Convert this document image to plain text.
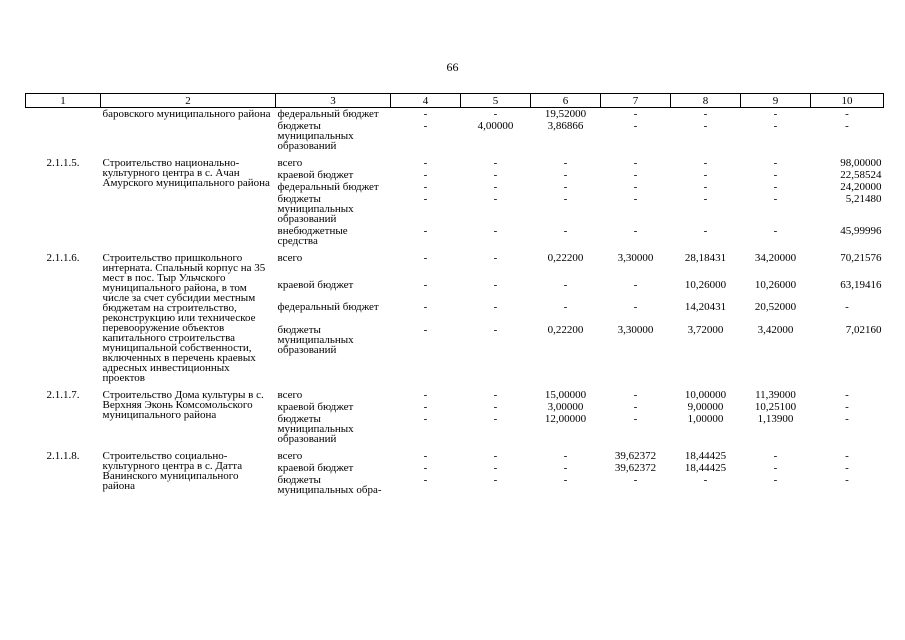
66
1	2	3	4	5	6	7	8	9	10
	баровского муниципального района	федеральный бюджет	-	-	19,52000	-	-	-	-
		бюджеты муниципальных образований	-	4,00000	3,86866	-	-	-	-
2.1.1.5.	Строительство национально-культурного центра в с. Ачан Амурского муниципального района	всего	-	-	-	-	-	-	98,00000
		краевой бюджет	-	-	-	-	-	-	22,58524
		федеральный бюджет	-	-	-	-	-	-	24,20000
		бюджеты муниципальных образований	-	-	-	-	-	-	5,21480
		внебюджетные средства	-	-	-	-	-	-	45,99996
2.1.1.6.	Строительство пришкольного интерната. Спальный корпус на 35 мест в пос. Тыр Ульчского муниципального района, в том числе за счет субсидии местным бюджетам на строительство, реконструкцию или техническое перевооружение объектов капитального строительства муниципальной собственности, включенных в перечень краевых адресных инвестиционных проектов	всего	-	-	0,22200	3,30000	28,18431	34,20000	70,21576
		краевой бюджет	-	-	-	-	10,26000	10,26000	63,19416
		федеральный бюджет	-	-	-	-	14,20431	20,52000	-
		бюджеты муниципальных образований	-	-	0,22200	3,30000	3,72000	3,42000	7,02160
2.1.1.7.	Строительство Дома культуры в с. Верхняя Эконь Комсомольского муниципального района	всего	-	-	15,00000	-	10,00000	11,39000	-
		краевой бюджет	-	-	3,00000	-	9,00000	10,25100	-
		бюджеты муниципальных образований	-	-	12,00000	-	1,00000	1,13900	-
2.1.1.8.	Строительство социально-культурного центра в с. Датта Ванинского муниципального района	всего	-	-	-	39,62372	18,44425	-	-
		краевой бюджет	-	-	-	39,62372	18,44425	-	-
		бюджеты муниципальных обра-	-	-	-	-	-	-	-
